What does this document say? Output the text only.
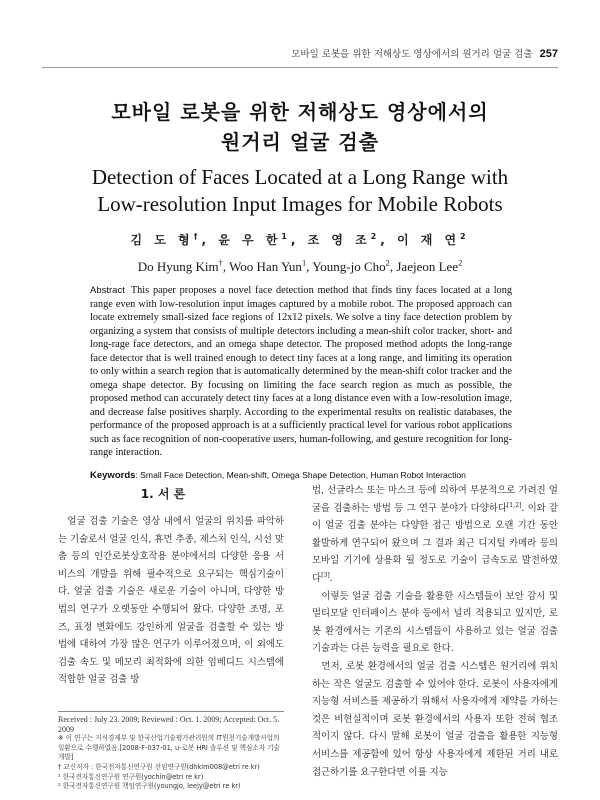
모바일 로봇을 위한 저해상도 영상에서의 원거리 얼굴 검출 257
모바일 로봇을 위한 저해상도 영상에서의
원거리 얼굴 검출
Detection of Faces Located at a Long Range with
Low-resolution Input Images for Mobile Robots
김 도 형†, 윤 우 한$^1$, 조 영 조$^2$, 이 재 연$^2$
Do Hyung Kim†, Woo Han Yun$^1$, Young-jo Cho$^2$, Jaejeon Lee$^2$
Abstract This paper proposes a novel face detection method that finds tiny faces located at a long range even with low-resolution input images captured by a mobile robot. The proposed approach can locate extremely small-sized face regions of 12x12 pixels. We solve a tiny face detection problem by organizing a system that consists of multiple detectors including a mean-shift color tracker, short- and long-rage face detectors, and an omega shape detector. The proposed method adopts the long-range face detector that is well trained enough to detect tiny faces at a long range, and limiting its operation to only within a search region that is automatically determined by the mean-shift color tracker and the omega shape detector. By focusing on limiting the face search region as much as possible, the proposed method can accurately detect tiny faces at a long distance even with a low-resolution image, and decrease false positives sharply. According to the experimental results on realistic databases, the performance of the proposed approach is at a sufficiently practical level for various robot applications such as face recognition of non-cooperative users, human-following, and gesture recognition for long-range interaction.
Keywords: Small Face Detection, Mean-shift, Omega Shape Detection, Human Robot Interaction
1. 서 론

얼굴 검출 기술은 영상 내에서 얼굴의 위치를 파악하는 기술로서 얼굴 인식, 휴먼 추종, 제스처 인식, 시선 맞춤 등의 인간로봇상호작용 분야에서의 다양한 응용 서비스의 개발을 위해 필수적으로 요구되는 핵심기술이다. 얼굴 검출 기술은 새로운 기술이 아니며, 다양한 방법의 연구가 오랫동안 수행되어 왔다. 다양한 조명, 포즈, 표정 변화에도 강인하게 얼굴을 검출할 수 있는 방법에 대하여 가장 많은 연구가 이루어졌으며, 이 외에도 검출 속도 및 메모리 최적화에 의한 임베디드 시스템에 적합한 얼굴 검출 방

법, 선글라스 또는 마스크 등에 의하여 부분적으로 가려진 얼굴을 검출하는 방법 등 그 연구 분야가 다양하다[1,2]. 이와 같이 얼굴 검출 분야는 다양한 접근 방법으로 오랜 기간 동안 활발하게 연구되어 왔으며 그 결과 최근 디지털 카메라 등의 모바일 기기에 상용화 될 정도로 기술이 급속도로 발전하였다[3].

이렇듯 얼굴 검출 기술을 활용한 시스템들이 보안 감시 및 멀티모달 인터페이스 분야 등에서 널리 적용되고 있지만, 로봇 환경에서는 기존의 시스템들이 사용하고 있는 얼굴 검출 기술과는 다른 능력을 필요로 한다.

먼저, 로봇 환경에서의 얼굴 검출 시스템은 원거리에 위치하는 작은 얼굴도 검출할 수 있어야 한다. 로봇이 사용자에게 지능형 서비스를 제공하기 위해서 사용자에게 제약을 가하는 것은 비현실적이며 로봇 환경에서의 사용자 또한 전혀 협조적이지 않다. 다시 말해 로봇이 얼굴 검출을 활용한 지능형 서비스를 제공함에 있어 항상 사용자에게 제한된 거리 내로 접근하기를 요구한다면 이를 지능

Received : July 23. 2009; Reviewed : Oct. 1. 2009; Accepted: Oct. 5. 2009
※ 이 연구는 지식경제부 및 한국산업기술평가관리원의 IT원천기술개발사업의 일환으로 수행하였음.[2008-F-037-01, u-로봇 HRI 솔루션 및 핵심소자 기술개발]
† 교신저자 : 한국전자통신연구원 선임연구원(dhkim008@etri re kr)
¹ 한국전자통신연구원 연구원(yochin@etri re kr)
² 한국전자통신연구원 책임연구원(youngjo, leejy@etri re kr)
